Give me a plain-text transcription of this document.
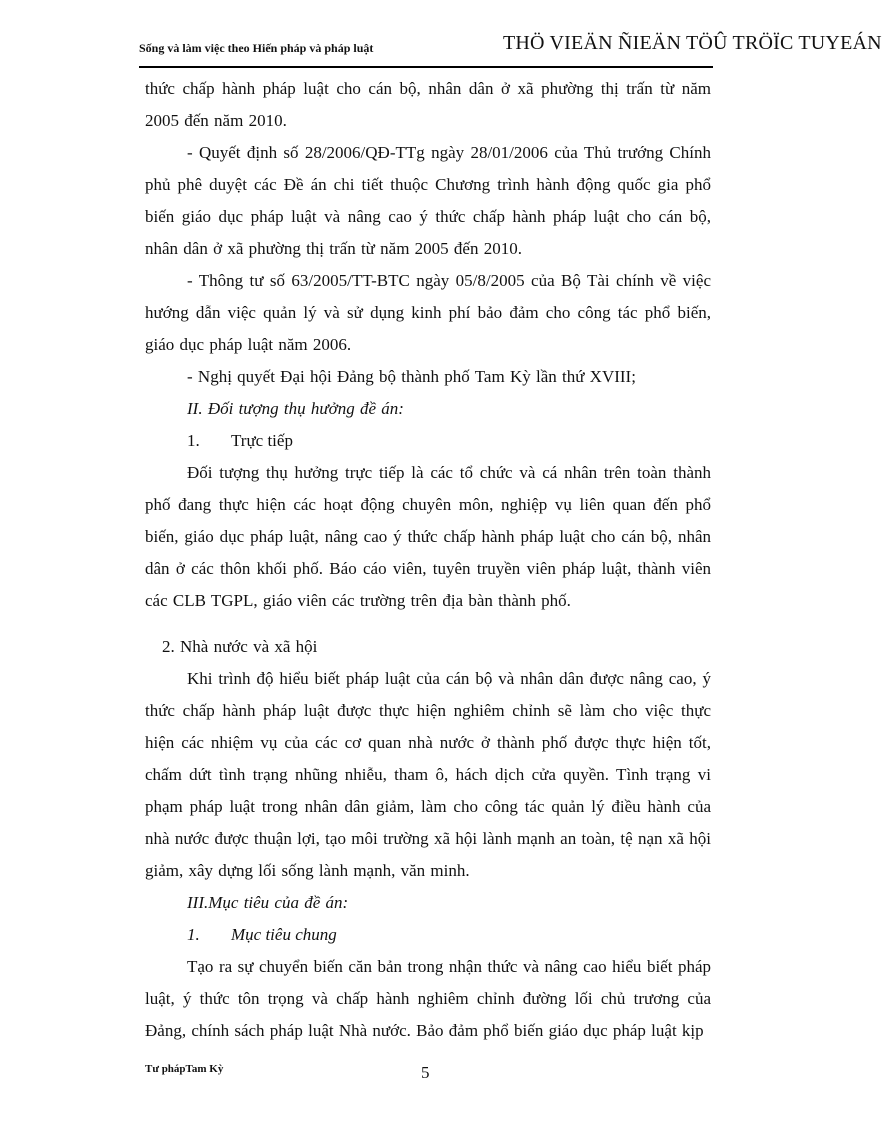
Sống và làm việc theo Hiến pháp và pháp luật	THÖ VIEÄN ÑIEÄN TÖÛ TRÖÏC TUYEÁN

thức chấp hành pháp luật cho cán bộ, nhân dân ở xã phường thị trấn từ năm 2005 đến năm 2010.

- Quyết định số 28/2006/QĐ-TTg ngày 28/01/2006 của Thủ trướng Chính phủ phê duyệt các Đề án chi tiết thuộc Chương trình hành động quốc gia phổ biến giáo dục pháp luật và nâng cao ý thức chấp hành pháp luật cho cán bộ, nhân dân ở xã phường thị trấn từ năm 2005 đến 2010.

- Thông tư số 63/2005/TT-BTC ngày 05/8/2005 của Bộ Tài chính về việc hướng dẫn việc quản lý và sử dụng kinh phí bảo đảm cho công tác phổ biến, giáo dục pháp luật năm 2006.

- Nghị quyết Đại hội Đảng bộ thành phố Tam Kỳ lần thứ XVIII;

II. Đối tượng thụ hưởng đề án:

1. Trực tiếp

Đối tượng thụ hưởng trực tiếp là các tổ chức và cá nhân trên toàn thành phố đang thực hiện các hoạt động chuyên môn, nghiệp vụ liên quan đến phổ biến, giáo dục pháp luật, nâng cao ý thức chấp hành pháp luật cho cán bộ, nhân dân ở các thôn khối phố. Báo cáo viên, tuyên truyền viên pháp luật, thành viên các CLB TGPL, giáo viên các trường trên địa bàn thành phố.

2. Nhà nước và xã hội

Khi trình độ hiểu biết pháp luật của cán bộ và nhân dân được nâng cao, ý thức chấp hành pháp luật được thực hiện nghiêm chỉnh sẽ làm cho việc thực hiện các nhiệm vụ của các cơ quan nhà nước ở thành phố được thực hiện tốt, chấm dứt tình trạng nhũng nhiễu, tham ô, hách dịch cửa quyền. Tình trạng vi phạm pháp luật trong nhân dân giảm, làm cho công tác quản lý điều hành của nhà nước được thuận lợi, tạo môi trường xã hội lành mạnh an toàn, tệ nạn xã hội giảm, xây dựng lối sống lành mạnh, văn minh.

III.Mục tiêu của đề án:

1. Mục tiêu chung

Tạo ra sự chuyển biến căn bản trong nhận thức và nâng cao hiểu biết pháp luật, ý thức tôn trọng và chấp hành nghiêm chỉnh đường lối chủ trương của Đảng, chính sách pháp luật Nhà nước. Bảo đảm phổ biến giáo dục pháp luật kịp

Tư phápTam Kỳ	5
